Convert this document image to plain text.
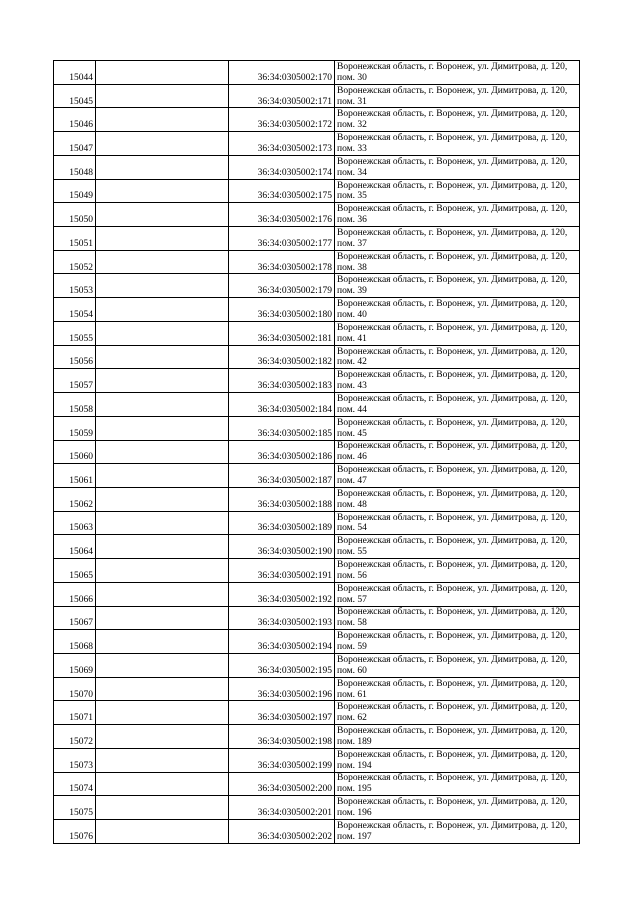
15044		36:34:0305002:170	Воронежская область, г. Воронеж, ул. Димитрова, д. 120,
пом. 30

15045		36:34:0305002:171	Воронежская область, г. Воронеж, ул. Димитрова, д. 120,
пом. 31

15046		36:34:0305002:172	Воронежская область, г. Воронеж, ул. Димитрова, д. 120,
пом. 32

15047		36:34:0305002:173	Воронежская область, г. Воронеж, ул. Димитрова, д. 120,
пом. 33

15048		36:34:0305002:174	Воронежская область, г. Воронеж, ул. Димитрова, д. 120,
пом. 34

15049		36:34:0305002:175	Воронежская область, г. Воронеж, ул. Димитрова, д. 120,
пом. 35

15050		36:34:0305002:176	Воронежская область, г. Воронеж, ул. Димитрова, д. 120,
пом. 36

15051		36:34:0305002:177	Воронежская область, г. Воронеж, ул. Димитрова, д. 120,
пом. 37

15052		36:34:0305002:178	Воронежская область, г. Воронеж, ул. Димитрова, д. 120,
пом. 38

15053		36:34:0305002:179	Воронежская область, г. Воронеж, ул. Димитрова, д. 120,
пом. 39

15054		36:34:0305002:180	Воронежская область, г. Воронеж, ул. Димитрова, д. 120,
пом. 40

15055		36:34:0305002:181	Воронежская область, г. Воронеж, ул. Димитрова, д. 120,
пом. 41

15056		36:34:0305002:182	Воронежская область, г. Воронеж, ул. Димитрова, д. 120,
пом. 42

15057		36:34:0305002:183	Воронежская область, г. Воронеж, ул. Димитрова, д. 120,
пом. 43

15058		36:34:0305002:184	Воронежская область, г. Воронеж, ул. Димитрова, д. 120,
пом. 44

15059		36:34:0305002:185	Воронежская область, г. Воронеж, ул. Димитрова, д. 120,
пом. 45

15060		36:34:0305002:186	Воронежская область, г. Воронеж, ул. Димитрова, д. 120,
пом. 46

15061		36:34:0305002:187	Воронежская область, г. Воронеж, ул. Димитрова, д. 120,
пом. 47

15062		36:34:0305002:188	Воронежская область, г. Воронеж, ул. Димитрова, д. 120,
пом. 48

15063		36:34:0305002:189	Воронежская область, г. Воронеж, ул. Димитрова, д. 120,
пом. 54

15064		36:34:0305002:190	Воронежская область, г. Воронеж, ул. Димитрова, д. 120,
пом. 55

15065		36:34:0305002:191	Воронежская область, г. Воронеж, ул. Димитрова, д. 120,
пом. 56

15066		36:34:0305002:192	Воронежская область, г. Воронеж, ул. Димитрова, д. 120,
пом. 57

15067		36:34:0305002:193	Воронежская область, г. Воронеж, ул. Димитрова, д. 120,
пом. 58

15068		36:34:0305002:194	Воронежская область, г. Воронеж, ул. Димитрова, д. 120,
пом. 59

15069		36:34:0305002:195	Воронежская область, г. Воронеж, ул. Димитрова, д. 120,
пом. 60

15070		36:34:0305002:196	Воронежская область, г. Воронеж, ул. Димитрова, д. 120,
пом. 61

15071		36:34:0305002:197	Воронежская область, г. Воронеж, ул. Димитрова, д. 120,
пом. 62

15072		36:34:0305002:198	Воронежская область, г. Воронеж, ул. Димитрова, д. 120,
пом. 189

15073		36:34:0305002:199	Воронежская область, г. Воронеж, ул. Димитрова, д. 120,
пом. 194

15074		36:34:0305002:200	Воронежская область, г. Воронеж, ул. Димитрова, д. 120,
пом. 195

15075		36:34:0305002:201	Воронежская область, г. Воронеж, ул. Димитрова, д. 120,
пом. 196

15076		36:34:0305002:202	Воронежская область, г. Воронеж, ул. Димитрова, д. 120,
пом. 197
